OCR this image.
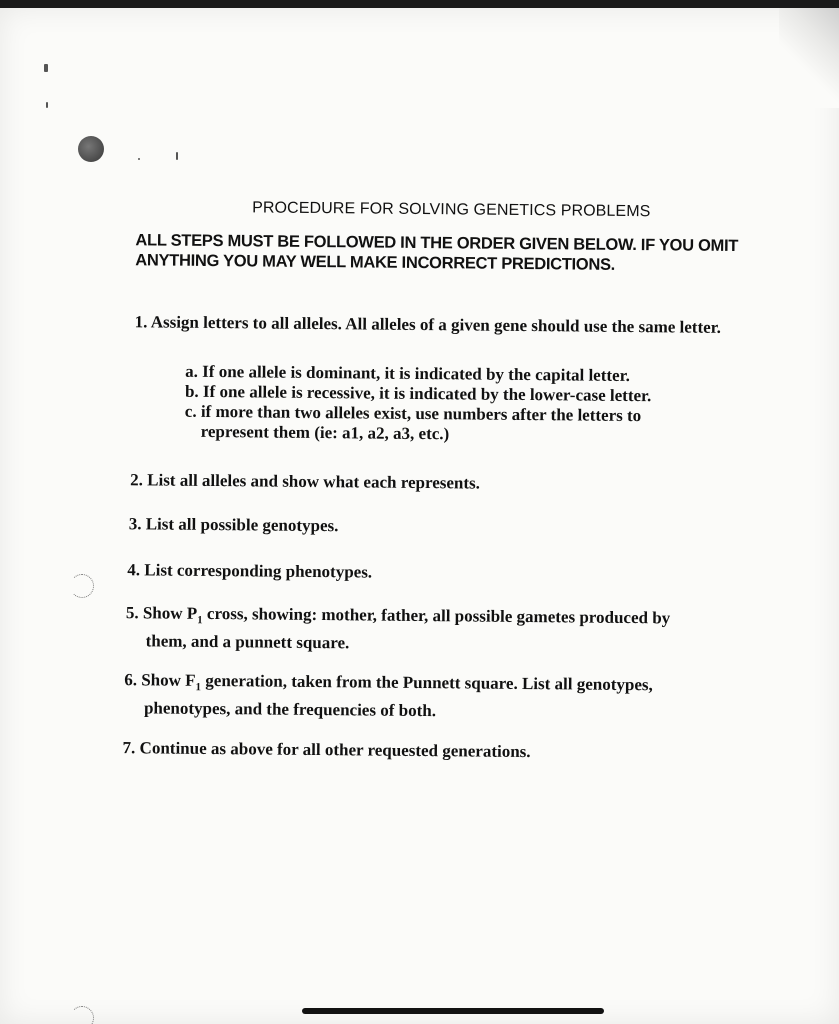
PROCEDURE FOR SOLVING GENETICS PROBLEMS
ALL STEPS MUST BE FOLLOWED IN THE ORDER GIVEN BELOW. IF YOU OMIT ANYTHING YOU MAY WELL MAKE INCORRECT PREDICTIONS.
1. Assign letters to all alleles. All alleles of a given gene should use the same letter.
a. If one allele is dominant, it is indicated by the capital letter.
b. If one allele is recessive, it is indicated by the lower-case letter.
c. if more than two alleles exist, use numbers after the letters to
represent them (ie: a1, a2, a3, etc.)
2. List all alleles and show what each represents.
3. List all possible genotypes.
4. List corresponding phenotypes.
5. Show $P_1$ cross, showing: mother, father, all possible gametes produced by
them, and a punnett square.
6. Show $F_1$ generation, taken from the Punnett square. List all genotypes,
phenotypes, and the frequencies of both.
7. Continue as above for all other requested generations.
